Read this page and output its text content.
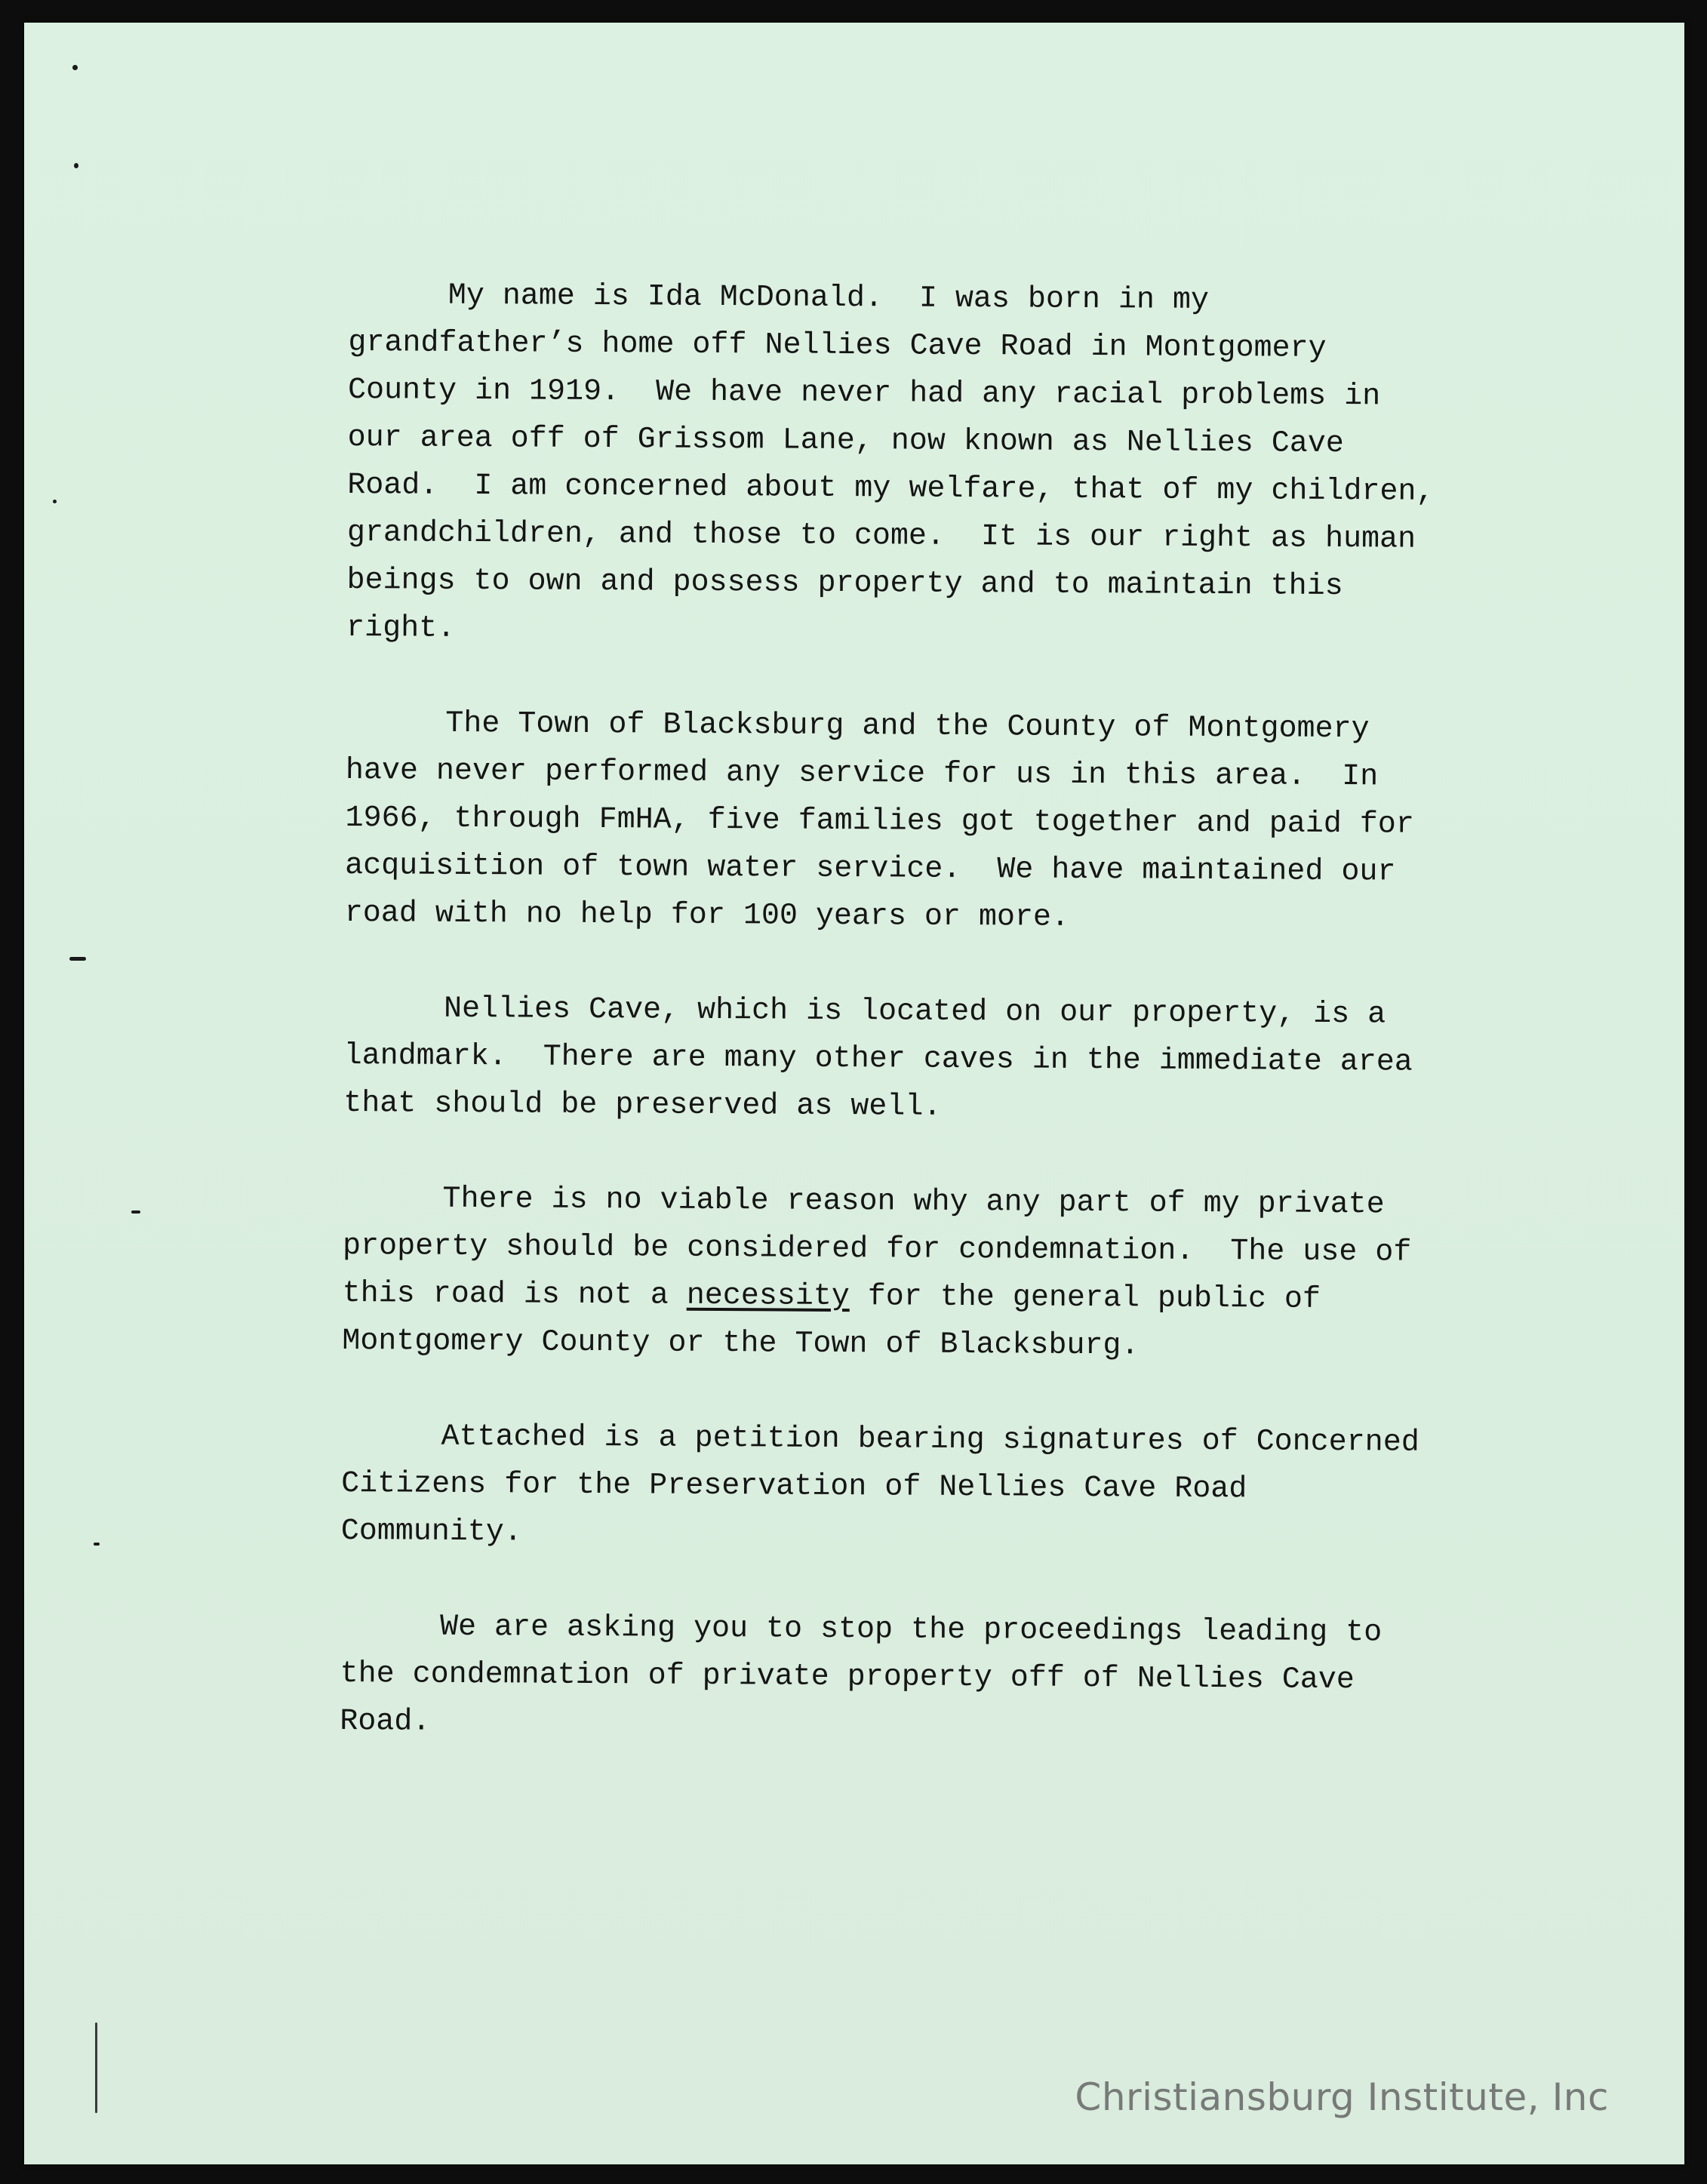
My name is Ida McDonald.  I was born in my
grandfather’s home off Nellies Cave Road in Montgomery
County in 1919.  We have never had any racial problems in
our area off of Grissom Lane, now known as Nellies Cave
Road.  I am concerned about my welfare, that of my children,
grandchildren, and those to come.  It is our right as human
beings to own and possess property and to maintain this
right.
The Town of Blacksburg and the County of Montgomery
have never performed any service for us in this area.  In
1966, through FmHA, five families got together and paid for
acquisition of town water service.  We have maintained our
road with no help for 100 years or more.
Nellies Cave, which is located on our property, is a
landmark.  There are many other caves in the immediate area
that should be preserved as well.
There is no viable reason why any part of my private
property should be considered for condemnation.  The use of
this road is not a necessity for the general public of
Montgomery County or the Town of Blacksburg.
Attached is a petition bearing signatures of Concerned
Citizens for the Preservation of Nellies Cave Road
Community.
We are asking you to stop the proceedings leading to
the condemnation of private property off of Nellies Cave
Road.
Christiansburg Institute, Inc
